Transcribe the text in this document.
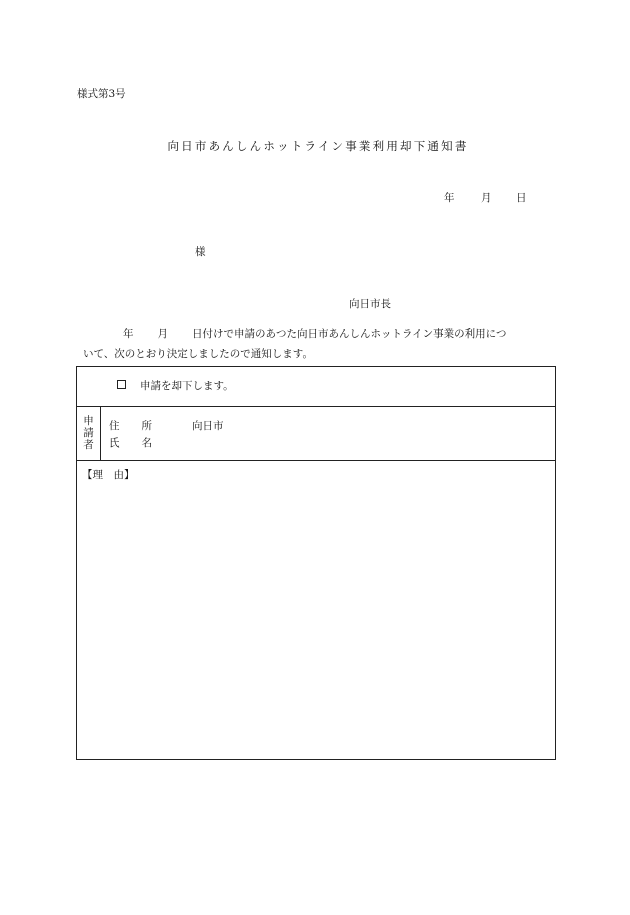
様式第3号
向日市あんしんホットライン事業利用却下通知書
年	月 日
様
向日市長
年 月 日付けで申請のあつた向日市あんしんホットライン事業の利用につ
いて、次のとおり決定しましたので通知します。
申請を却下します。
申
請
者
住 所	向日市
氏 名
【理　由】
